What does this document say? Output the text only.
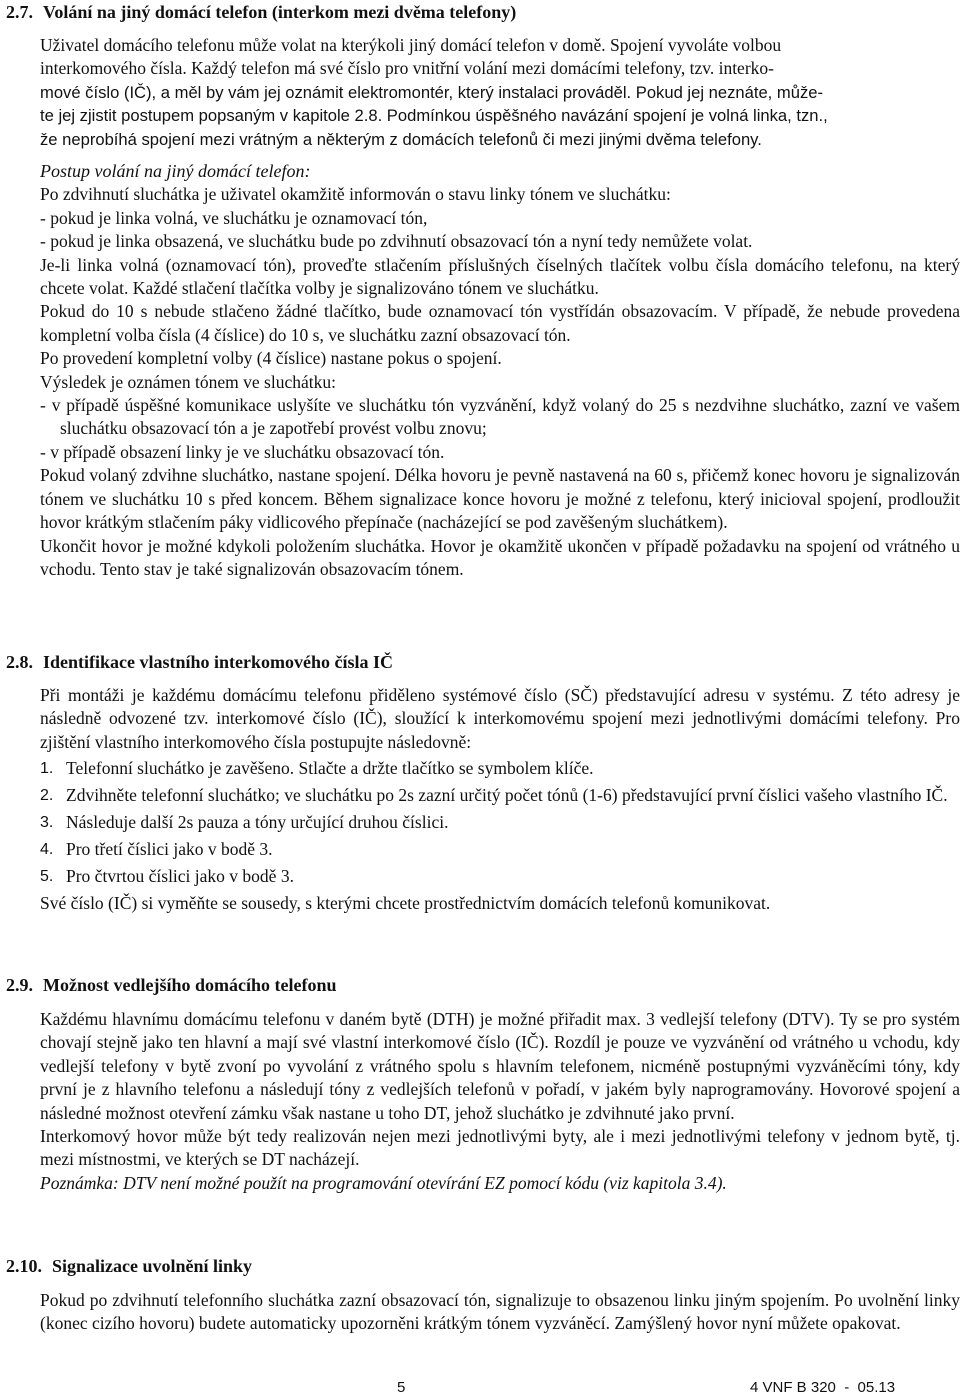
2.7. Volání na jiný domácí telefon (interkom mezi dvěma telefony)
Uživatel domácího telefonu může volat na kterýkoli jiný domácí telefon v domě. Spojení vyvoláte volbou
interkomového čísla. Každý telefon má své číslo pro vnitřní volání mezi domácími telefony, tzv. interko-
mové číslo (IČ), a měl by vám jej oznámit elektromontér, který instalaci prováděl. Pokud jej neznáte, může-
te jej zjistit postupem popsaným v kapitole 2.8. Podmínkou úspěšného navázání spojení je volná linka, tzn.,
že neprobíhá spojení mezi vrátným a některým z domácích telefonů či mezi jinými dvěma telefony.

Postup volání na jiný domácí telefon:

Po zdvihnutí sluchátka je uživatel okamžitě informován o stavu linky tónem ve sluchátku:

- pokud je linka volná, ve sluchátku je oznamovací tón,

- pokud je linka obsazená, ve sluchátku bude po zdvihnutí obsazovací tón a nyní tedy nemůžete volat.

Je-li linka volná (oznamovací tón), proveďte stlačením příslušných číselných tlačítek volbu čísla domácího telefonu, na který chcete volat. Každé stlačení tlačítka volby je signalizováno tónem ve sluchátku.

Pokud do 10 s nebude stlačeno žádné tlačítko, bude oznamovací tón vystřídán obsazovacím. V případě, že nebude provedena kompletní volba čísla (4 číslice) do 10 s, ve sluchátku zazní obsazovací tón.

Po provedení kompletní volby (4 číslice) nastane pokus o spojení.

Výsledek je oznámen tónem ve sluchátku:

- v případě úspěšné komunikace uslyšíte ve sluchátku tón vyzvánění, když volaný do 25 s nezdvihne sluchátko, zazní ve vašem sluchátku obsazovací tón a je zapotřebí provést volbu znovu;

- v případě obsazení linky je ve sluchátku obsazovací tón.

Pokud volaný zdvihne sluchátko, nastane spojení. Délka hovoru je pevně nastavená na 60 s, přičemž konec hovoru je signalizován tónem ve sluchátku 10 s před koncem. Během signalizace konce hovoru je možné z telefonu, který inicioval spojení, prodloužit hovor krátkým stlačením páky vidlicového přepínače (nacházející se pod zavěšeným sluchátkem).

Ukončit hovor je možné kdykoli položením sluchátka. Hovor je okamžitě ukončen v případě požadavku na spojení od vrátného u vchodu. Tento stav je také signalizován obsazovacím tónem.

2.8. Identifikace vlastního interkomového čísla IČ

Při montáži je každému domácímu telefonu přiděleno systémové číslo (SČ) představující adresu v systému. Z této adresy je následně odvozené tzv. interkomové číslo (IČ), sloužící k interkomovému spojení mezi jednotlivými domácími telefony. Pro zjištění vlastního interkomového čísla postupujte následovně:

1. Telefonní sluchátko je zavěšeno. Stlačte a držte tlačítko se symbolem klíče.
2. Zdvihněte telefonní sluchátko; ve sluchátku po 2s zazní určitý počet tónů (1-6) představující první číslici vašeho vlastního IČ.
3. Následuje další 2s pauza a tóny určující druhou číslici.
4. Pro třetí číslici jako v bodě 3.
5. Pro čtvrtou číslici jako v bodě 3.

Své číslo (IČ) si vyměňte se sousedy, s kterými chcete prostřednictvím domácích telefonů komunikovat.

2.9. Možnost vedlejšího domácího telefonu

Každému hlavnímu domácímu telefonu v daném bytě (DTH) je možné přiřadit max. 3 vedlejší telefony (DTV). Ty se pro systém chovají stejně jako ten hlavní a mají své vlastní interkomové číslo (IČ). Rozdíl je pouze ve vyzvánění od vrátného u vchodu, kdy vedlejší telefony v bytě zvoní po vyvolání z vrátného spolu s hlavním telefonem, nicméně postupnými vyzváněcími tóny, kdy první je z hlavního telefonu a následují tóny z vedlejších telefonů v pořadí, v jakém byly naprogramovány. Hovorové spojení a následné možnost otevření zámku však nastane u toho DT, jehož sluchátko je zdvihnuté jako první.

Interkomový hovor může být tedy realizován nejen mezi jednotlivými byty, ale i mezi jednotlivými telefony v jednom bytě, tj. mezi místnostmi, ve kterých se DT nacházejí.

Poznámka: DTV není možné použít na programování otevírání EZ pomocí kódu (viz kapitola 3.4).

2.10. Signalizace uvolnění linky

Pokud po zdvihnutí telefonního sluchátka zazní obsazovací tón, signalizuje to obsazenou linku jiným spojením. Po uvolnění linky (konec cizího hovoru) budete automaticky upozorněni krátkým tónem vyzváněcí. Zamýšlený hovor nyní můžete opakovat.

5	4 VNF B 320  -  05.13
